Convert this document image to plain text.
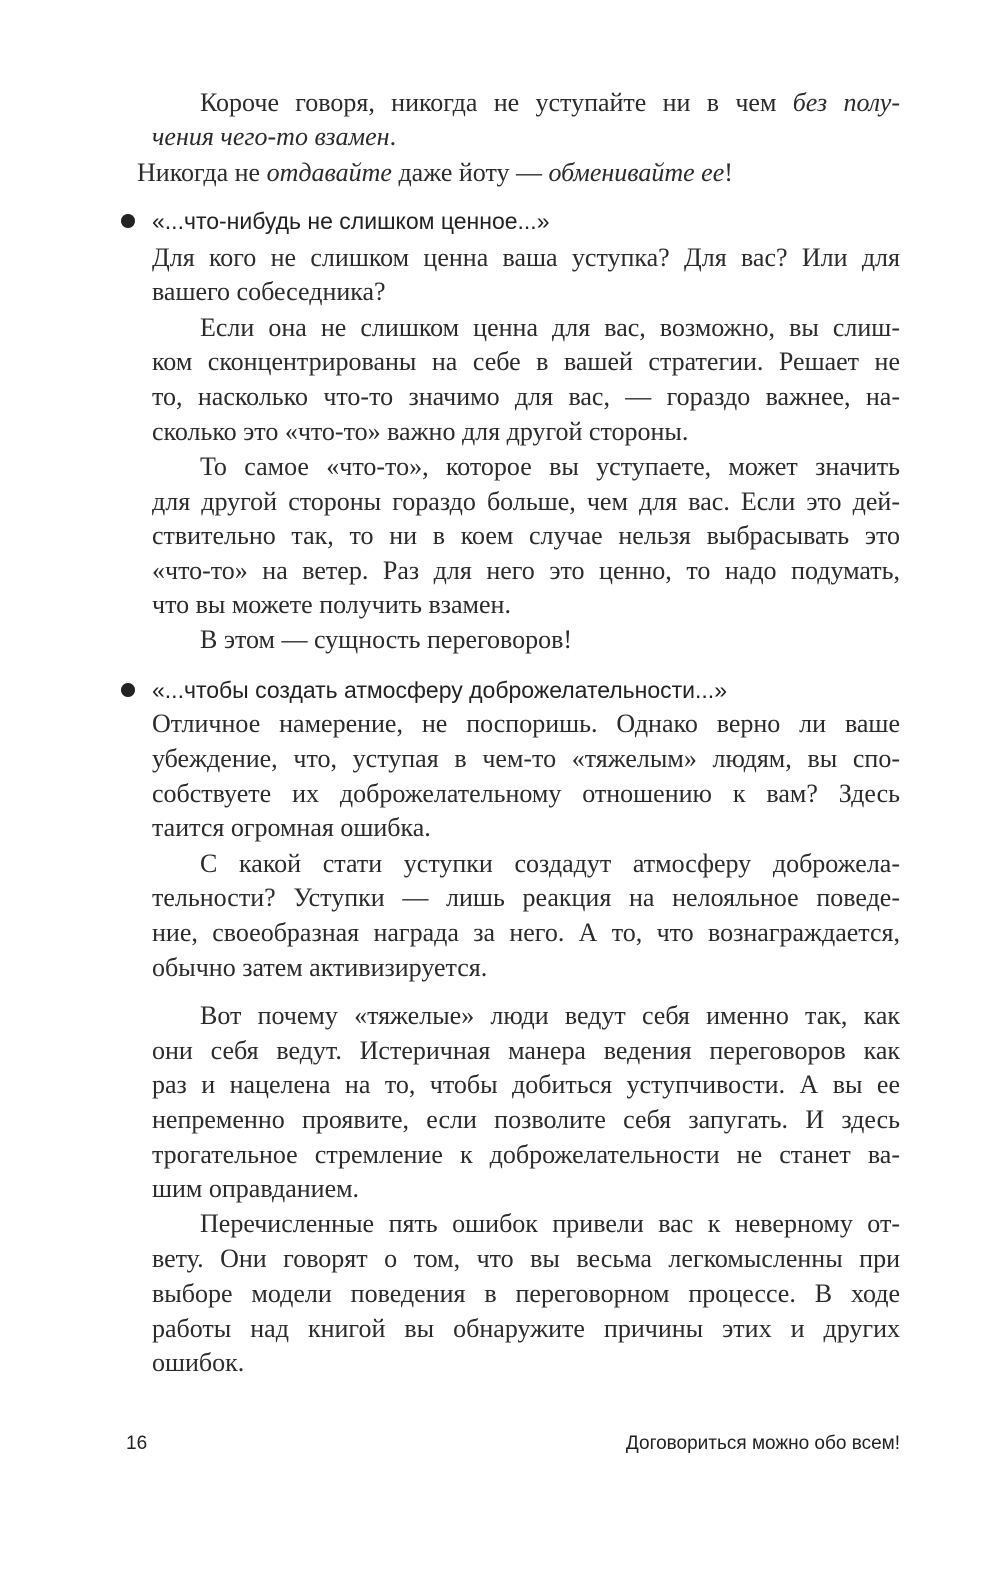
Короче говоря, никогда не уступайте ни в чем без полу-
чения чего-то взамен.
Никогда не отдавайте даже йоту — обменивайте ее!
Для кого не слишком ценна ваша уступка? Для вас? Или для
вашего собеседника?
Если она не слишком ценна для вас, возможно, вы слиш-
ком сконцентрированы на себе в вашей стратегии. Решает не
то, насколько что-то значимо для вас, — гораздо важнее, на-
сколько это «что-то» важно для другой стороны.
То самое «что-то», которое вы уступаете, может значить
для другой стороны гораздо больше, чем для вас. Если это дей-
ствительно так, то ни в коем случае нельзя выбрасывать это
«что-то» на ветер. Раз для него это ценно, то надо подумать,
что вы можете получить взамен.
В этом — сущность переговоров!
Отличное намерение, не поспоришь. Однако верно ли ваше
убеждение, что, уступая в чем-то «тяжелым» людям, вы спо-
собствуете их доброжелательному отношению к вам? Здесь
таится огромная ошибка.
С какой стати уступки создадут атмосферу доброжела-
тельности? Уступки — лишь реакция на нелояльное поведе-
ние, своеобразная награда за него. А то, что вознаграждается,
обычно затем активизируется.
Вот почему «тяжелые» люди ведут себя именно так, как
они себя ведут. Истеричная манера ведения переговоров как
раз и нацелена на то, чтобы добиться уступчивости. А вы ее
непременно проявите, если позволите себя запугать. И здесь
трогательное стремление к доброжелательности не станет ва-
шим оправданием.
Перечисленные пять ошибок привели вас к неверному от-
вету. Они говорят о том, что вы весьма легкомысленны при
выборе модели поведения в переговорном процессе. В ходе
работы над книгой вы обнаружите причины этих и других
ошибок.
«...что-нибудь не слишком ценное...»
«...чтобы создать атмосферу доброжелательности...»
16	Договориться можно обо всем!
